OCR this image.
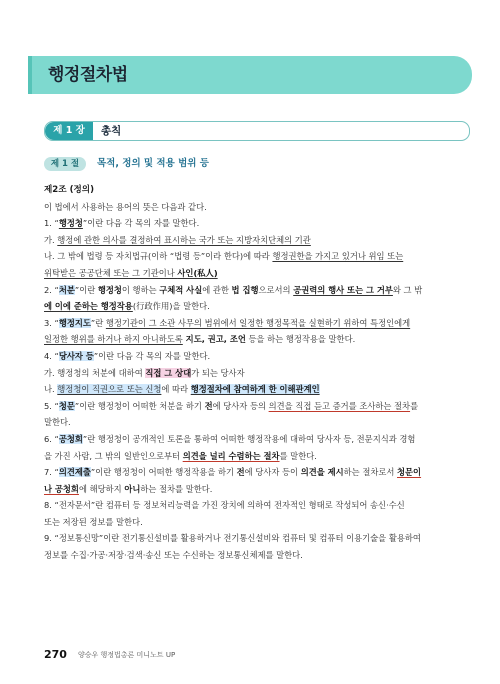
행정절차법
제 1 장	총칙
제 1 절	목적, 정의 및 적용 범위 등
제2조 (정의)
이 법에서 사용하는 용어의 뜻은 다음과 같다.
1. “행정청”이란 다음 각 목의 자를 말한다.
가. 행정에 관한 의사를 결정하여 표시하는 국가 또는 지방자치단체의 기관
나. 그 밖에 법령 등 자치법규(이하 “법령 등”이라 한다)에 따라 행정권한을 가지고 있거나 위임 또는
위탁받은 공공단체 또는 그 기관이나 사인(私人)
2. “처분”이란 행정청이 행하는 구체적 사실에 관한 법 집행으로서의 공권력의 행사 또는 그 거부와 그 밖
에 이에 준하는 행정작용(行政作用)을 말한다.
3. “행정지도”란 행정기관이 그 소관 사무의 범위에서 일정한 행정목적을 실현하기 위하여 특정인에게
일정한 행위를 하거나 하지 아니하도록 지도, 권고, 조언 등을 하는 행정작용을 말한다.
4. “당사자 등”이란 다음 각 목의 자를 말한다.
가. 행정청의 처분에 대하여 직접 그 상대가 되는 당사자
나. 행정청이 직권으로 또는 신청에 따라 행정절차에 참여하게 한 이해관계인
5. “청문”이란 행정청이 어떠한 처분을 하기 전에 당사자 등의 의견을 직접 듣고 증거를 조사하는 절차를
말한다.
6. “공청회”란 행정청이 공개적인 토론을 통하여 어떠한 행정작용에 대하여 당사자 등, 전문지식과 경험
을 가진 사람, 그 밖의 일반인으로부터 의견을 널리 수렴하는 절차를 말한다.
7. “의견제출”이란 행정청이 어떠한 행정작용을 하기 전에 당사자 등이 의견을 제시하는 절차로서 청문이
나 공청회에 해당하지 아니하는 절차를 말한다.
8. “전자문서”란 컴퓨터 등 정보처리능력을 가진 장치에 의하여 전자적인 형태로 작성되어 송신·수신
또는 저장된 정보를 말한다.
9. “정보통신망”이란 전기통신설비를 활용하거나 전기통신설비와 컴퓨터 및 컴퓨터 이용기술을 활용하여
정보를 수집·가공·저장·검색·송신 또는 수신하는 정보통신체제를 말한다.
270 양승우 행정법총론 미니노트 UP
